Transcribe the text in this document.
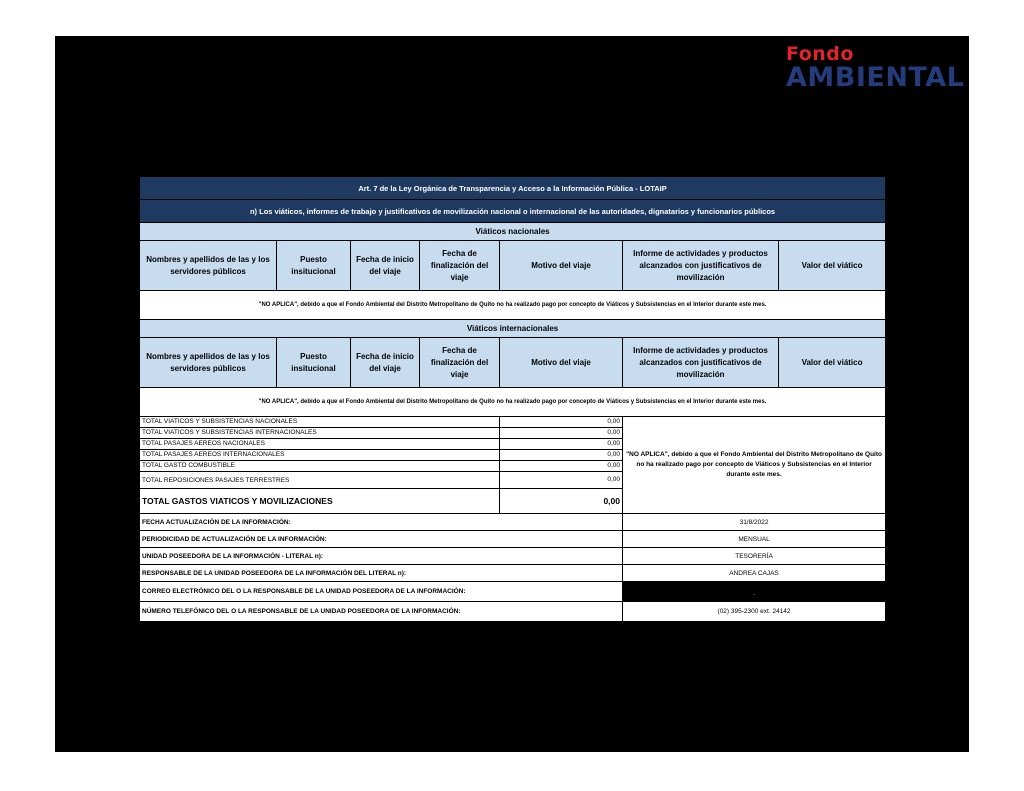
Fondo
AMBIENTAL
Art. 7 de la Ley Orgánica de Transparencia y Acceso a la Información Pública - LOTAIP						
n) Los viáticos, informes de trabajo y justificativos de movilización nacional o internacional de las autoridades, dignatarios y funcionarios públicos						
Viáticos nacionales						
Nombres y apellidos de las y los servidores públicos	Puesto insitucional	Fecha de inicio del viaje	Fecha de finalización del viaje	Motivo del viaje	Informe de actividades y productos alcanzados con justificativos de movilización	Valor del viático
"NO APLICA", debido a que el Fondo Ambiental del Distrito Metropolitano de Quito no ha realizado pago por concepto de Viáticos y Subsistencias en el Interior durante este mes.						
Viáticos internacionales						
Nombres y apellidos de las y los servidores públicos	Puesto insitucional	Fecha de inicio del viaje	Fecha de finalización del viaje	Motivo del viaje	Informe de actividades y productos alcanzados con justificativos de movilización	Valor del viático
"NO APLICA", debido a que el Fondo Ambiental del Distrito Metropolitano de Quito no ha realizado pago por concepto de Viáticos y Subsistencias en el Interior durante este mes.						
TOTAL VIATICOS Y SUBSISTENCIAS NACIONALES				0,00	"NO APLICA", debido a que el Fondo Ambiental del Distrito Metropolitano de Quito no ha realizado pago por concepto de Viáticos y Subsistencias en el Interior durante este mes.	
TOTAL VIATICOS Y SUBSISTENCIAS INTERNACIONALES				0,00		
TOTAL PASAJES AEREOS NACIONALES				0,00		
TOTAL PASAJES AEREOS INTERNACIONALES				0,00		
TOTAL GASTO COMBUSTIBLE				0,00		
TOTAL REPOSICIONES PASAJES TERRESTRES				0,00		
TOTAL GASTOS VIATICOS Y MOVILIZACIONES				0,00		
FECHA ACTUALIZACIÓN DE LA INFORMACIÓN:					31/8/2022	
PERIODICIDAD DE ACTUALIZACIÓN DE LA INFORMACIÓN:					MENSUAL	
UNIDAD POSEEDORA DE LA INFORMACIÓN - LITERAL n):					TESORERÍA	
RESPONSABLE DE LA UNIDAD POSEEDORA DE LA INFORMACIÓN DEL LITERAL n):					ANDREA CAJAS	
CORREO ELECTRÓNICO DEL O LA RESPONSABLE DE LA UNIDAD POSEEDORA DE LA INFORMACIÓN:						
NÚMERO TELEFÓNICO DEL O LA RESPONSABLE DE LA UNIDAD POSEEDORA DE LA INFORMACIÓN:					(02) 395-2300 ext. 24142	
